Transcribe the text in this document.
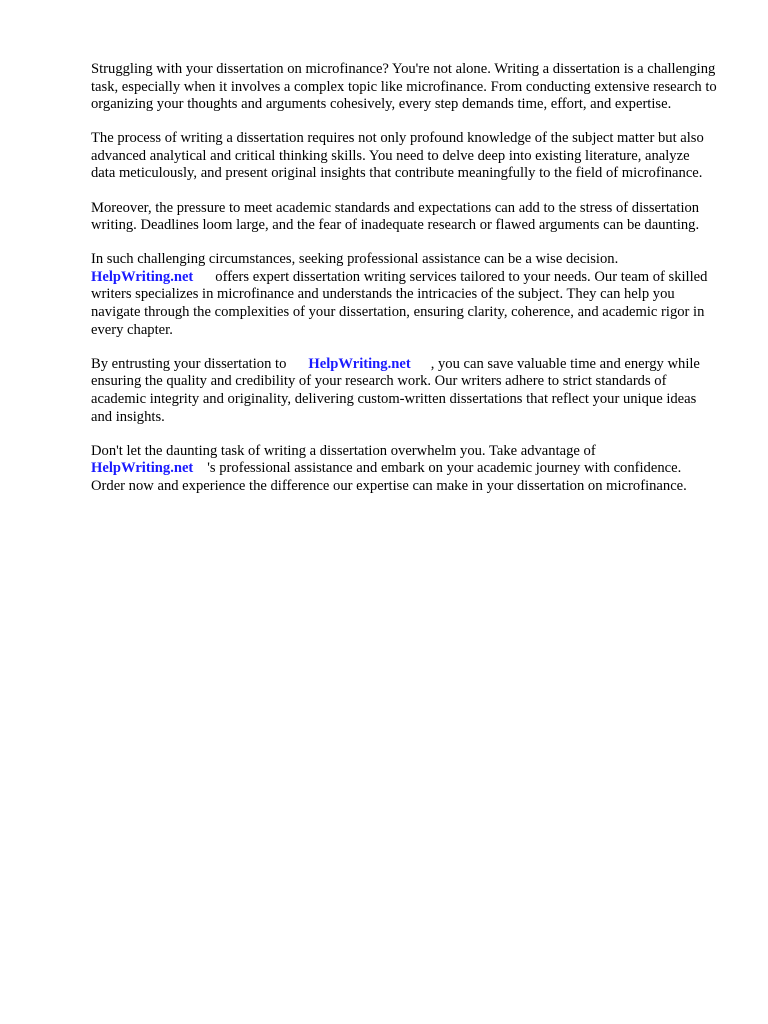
Struggling with your dissertation on microfinance? You're not alone. Writing a dissertation is a challenging task, especially when it involves a complex topic like microfinance. From conducting extensive research to organizing your thoughts and arguments cohesively, every step demands time, effort, and expertise.

The process of writing a dissertation requires not only profound knowledge of the subject matter but also advanced analytical and critical thinking skills. You need to delve deep into existing literature, analyze data meticulously, and present original insights that contribute meaningfully to the field of microfinance.

Moreover, the pressure to meet academic standards and expectations can add to the stress of dissertation writing. Deadlines loom large, and the fear of inadequate research or flawed arguments can be daunting.

In such challenging circumstances, seeking professional assistance can be a wise decision.
HelpWriting.net offers expert dissertation writing services tailored to your needs. Our team of skilled writers specializes in microfinance and understands the intricacies of the subject. They can help you navigate through the complexities of your dissertation, ensuring clarity, coherence, and academic rigor in every chapter.

By entrusting your dissertation to HelpWriting.net , you can save valuable time and energy while ensuring the quality and credibility of your research work. Our writers adhere to strict standards of academic integrity and originality, delivering custom-written dissertations that reflect your unique ideas and insights.

Don't let the daunting task of writing a dissertation overwhelm you. Take advantage of
HelpWriting.net 's professional assistance and embark on your academic journey with confidence. Order now and experience the difference our expertise can make in your dissertation on microfinance.
